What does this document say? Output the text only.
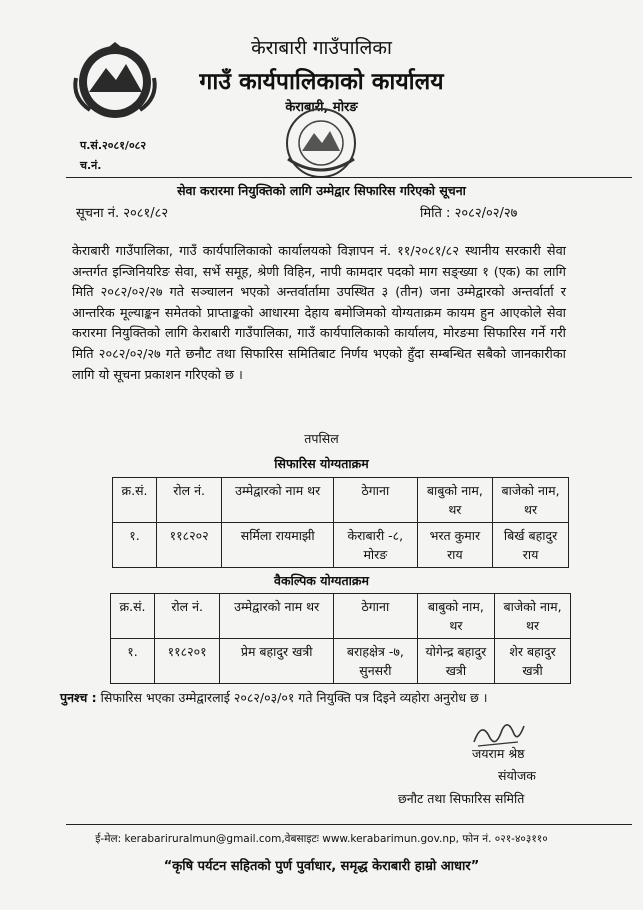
केराबारी गाउँपालिका
गाउँ कार्यपालिकाको कार्यालय
केराबारी, मोरङ
प.सं.२०८१/०८२
च.नं.
सेवा करारमा नियुक्तिको लागि उम्मेद्वार सिफारिस गरिएको सूचना
सूचना नं. २०८१/८२	मिति : २०८२/०२/२७
केराबारी गाउँपालिका, गाउँ कार्यपालिकाको कार्यालयको विज्ञापन नं. ११/२०८१/८२ स्थानीय सरकारी सेवा अन्तर्गत इन्जिनियरिङ सेवा, सर्भे समूह, श्रेणी विहिन, नापी कामदार पदको माग सङ्ख्या १ (एक) का लागि मिति २०८२/०२/२७ गते सञ्चालन भएको अन्तर्वार्तामा उपस्थित ३ (तीन) जना उम्मेद्वारको अन्तर्वार्ता र आन्तरिक मूल्याङ्कन समेतको प्राप्ताङ्कको आधारमा देहाय बमोजिमको योग्यताक्रम कायम हुन आएकोले सेवा करारमा नियुक्तिको लागि केराबारी गाउँपालिका, गाउँ कार्यपालिकाको कार्यालय, मोरङमा सिफारिस गर्ने गरी मिति २०८२/०२/२७ गते छनौट तथा सिफारिस समितिबाट निर्णय भएको हुँदा सम्बन्धित सबैको जानकारीका लागि यो सूचना प्रकाशन गरिएको छ ।
तपसिल
सिफारिस योग्यताक्रम
क्र.सं.	रोल नं.	उम्मेद्वारको नाम थर	ठेगाना	बाबुको नाम, थर	बाजेको नाम, थर
१.	११८२०२	सर्मिला रायमाझी	केराबारी -८, मोरङ	भरत कुमार राय	बिर्ख बहादुर राय
वैकल्पिक योग्यताक्रम
क्र.सं.	रोल नं.	उम्मेद्वारको नाम थर	ठेगाना	बाबुको नाम, थर	बाजेको नाम, थर
१.	११८२०१	प्रेम बहादुर खत्री	बराहक्षेत्र -७, सुनसरी	योगेन्द्र बहादुर खत्री	शेर बहादुर खत्री
पुनश्च : सिफारिस भएका उम्मेद्वारलाई २०८२/०३/०१ गते नियुक्ति पत्र दिइने व्यहोरा अनुरोध छ ।
जयराम श्रेष्ठ
संयोजक
छनौट तथा सिफारिस समिति
ई-मेल: kerabariruralmun@gmail.com,वेबसाइटः www.kerabarimun.gov.np, फोन नं. ०२१-४०३११०
“कृषि पर्यटन सहितको पुर्ण पुर्वाधार, समृद्ध केराबारी हाम्रो आधार”
